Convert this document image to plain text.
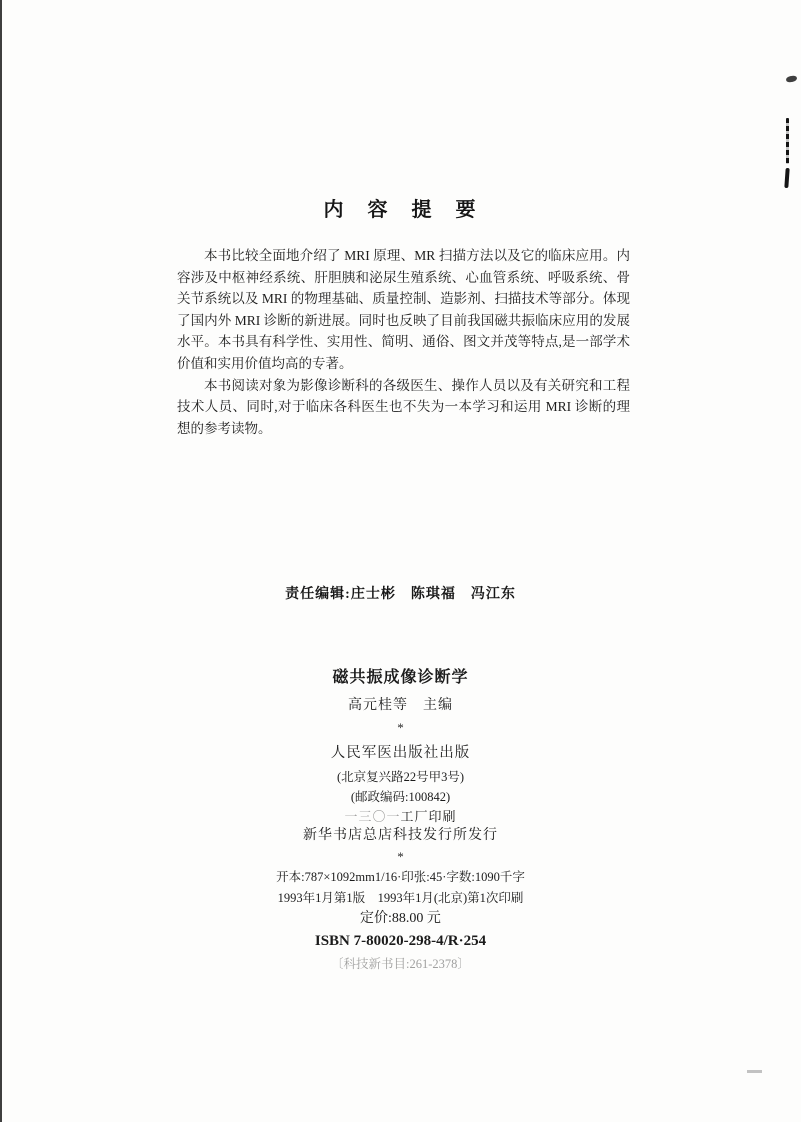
内　容　提　要

本书比较全面地介绍了 MRI 原理、MR 扫描方法以及它的临床应用。内容涉及中枢神经系统、肝胆胰和泌尿生殖系统、心血管系统、呼吸系统、骨关节系统以及 MRI 的物理基础、质量控制、造影剂、扫描技术等部分。体现了国内外 MRI 诊断的新进展。同时也反映了目前我国磁共振临床应用的发展水平。本书具有科学性、实用性、简明、通俗、图文并茂等特点,是一部学术价值和实用价值均高的专著。

本书阅读对象为影像诊断科的各级医生、操作人员以及有关研究和工程技术人员、同时,对于临床各科医生也不失为一本学习和运用 MRI 诊断的理想的参考读物。

责任编辑:庄士彬　陈琪福　冯江东
磁共振成像诊断学
高元桂等　主编
*
人民军医出版社出版
(北京复兴路22号甲3号)
(邮政编码:100842)
一三〇一工厂印刷
新华书店总店科技发行所发行
*
开本:787×1092mm1/16·印张:45·字数:1090千字
1993年1月第1版　1993年1月(北京)第1次印刷
定价:88.00 元
ISBN 7-80020-298-4/R·254
〔科技新书目:261-2378〕
